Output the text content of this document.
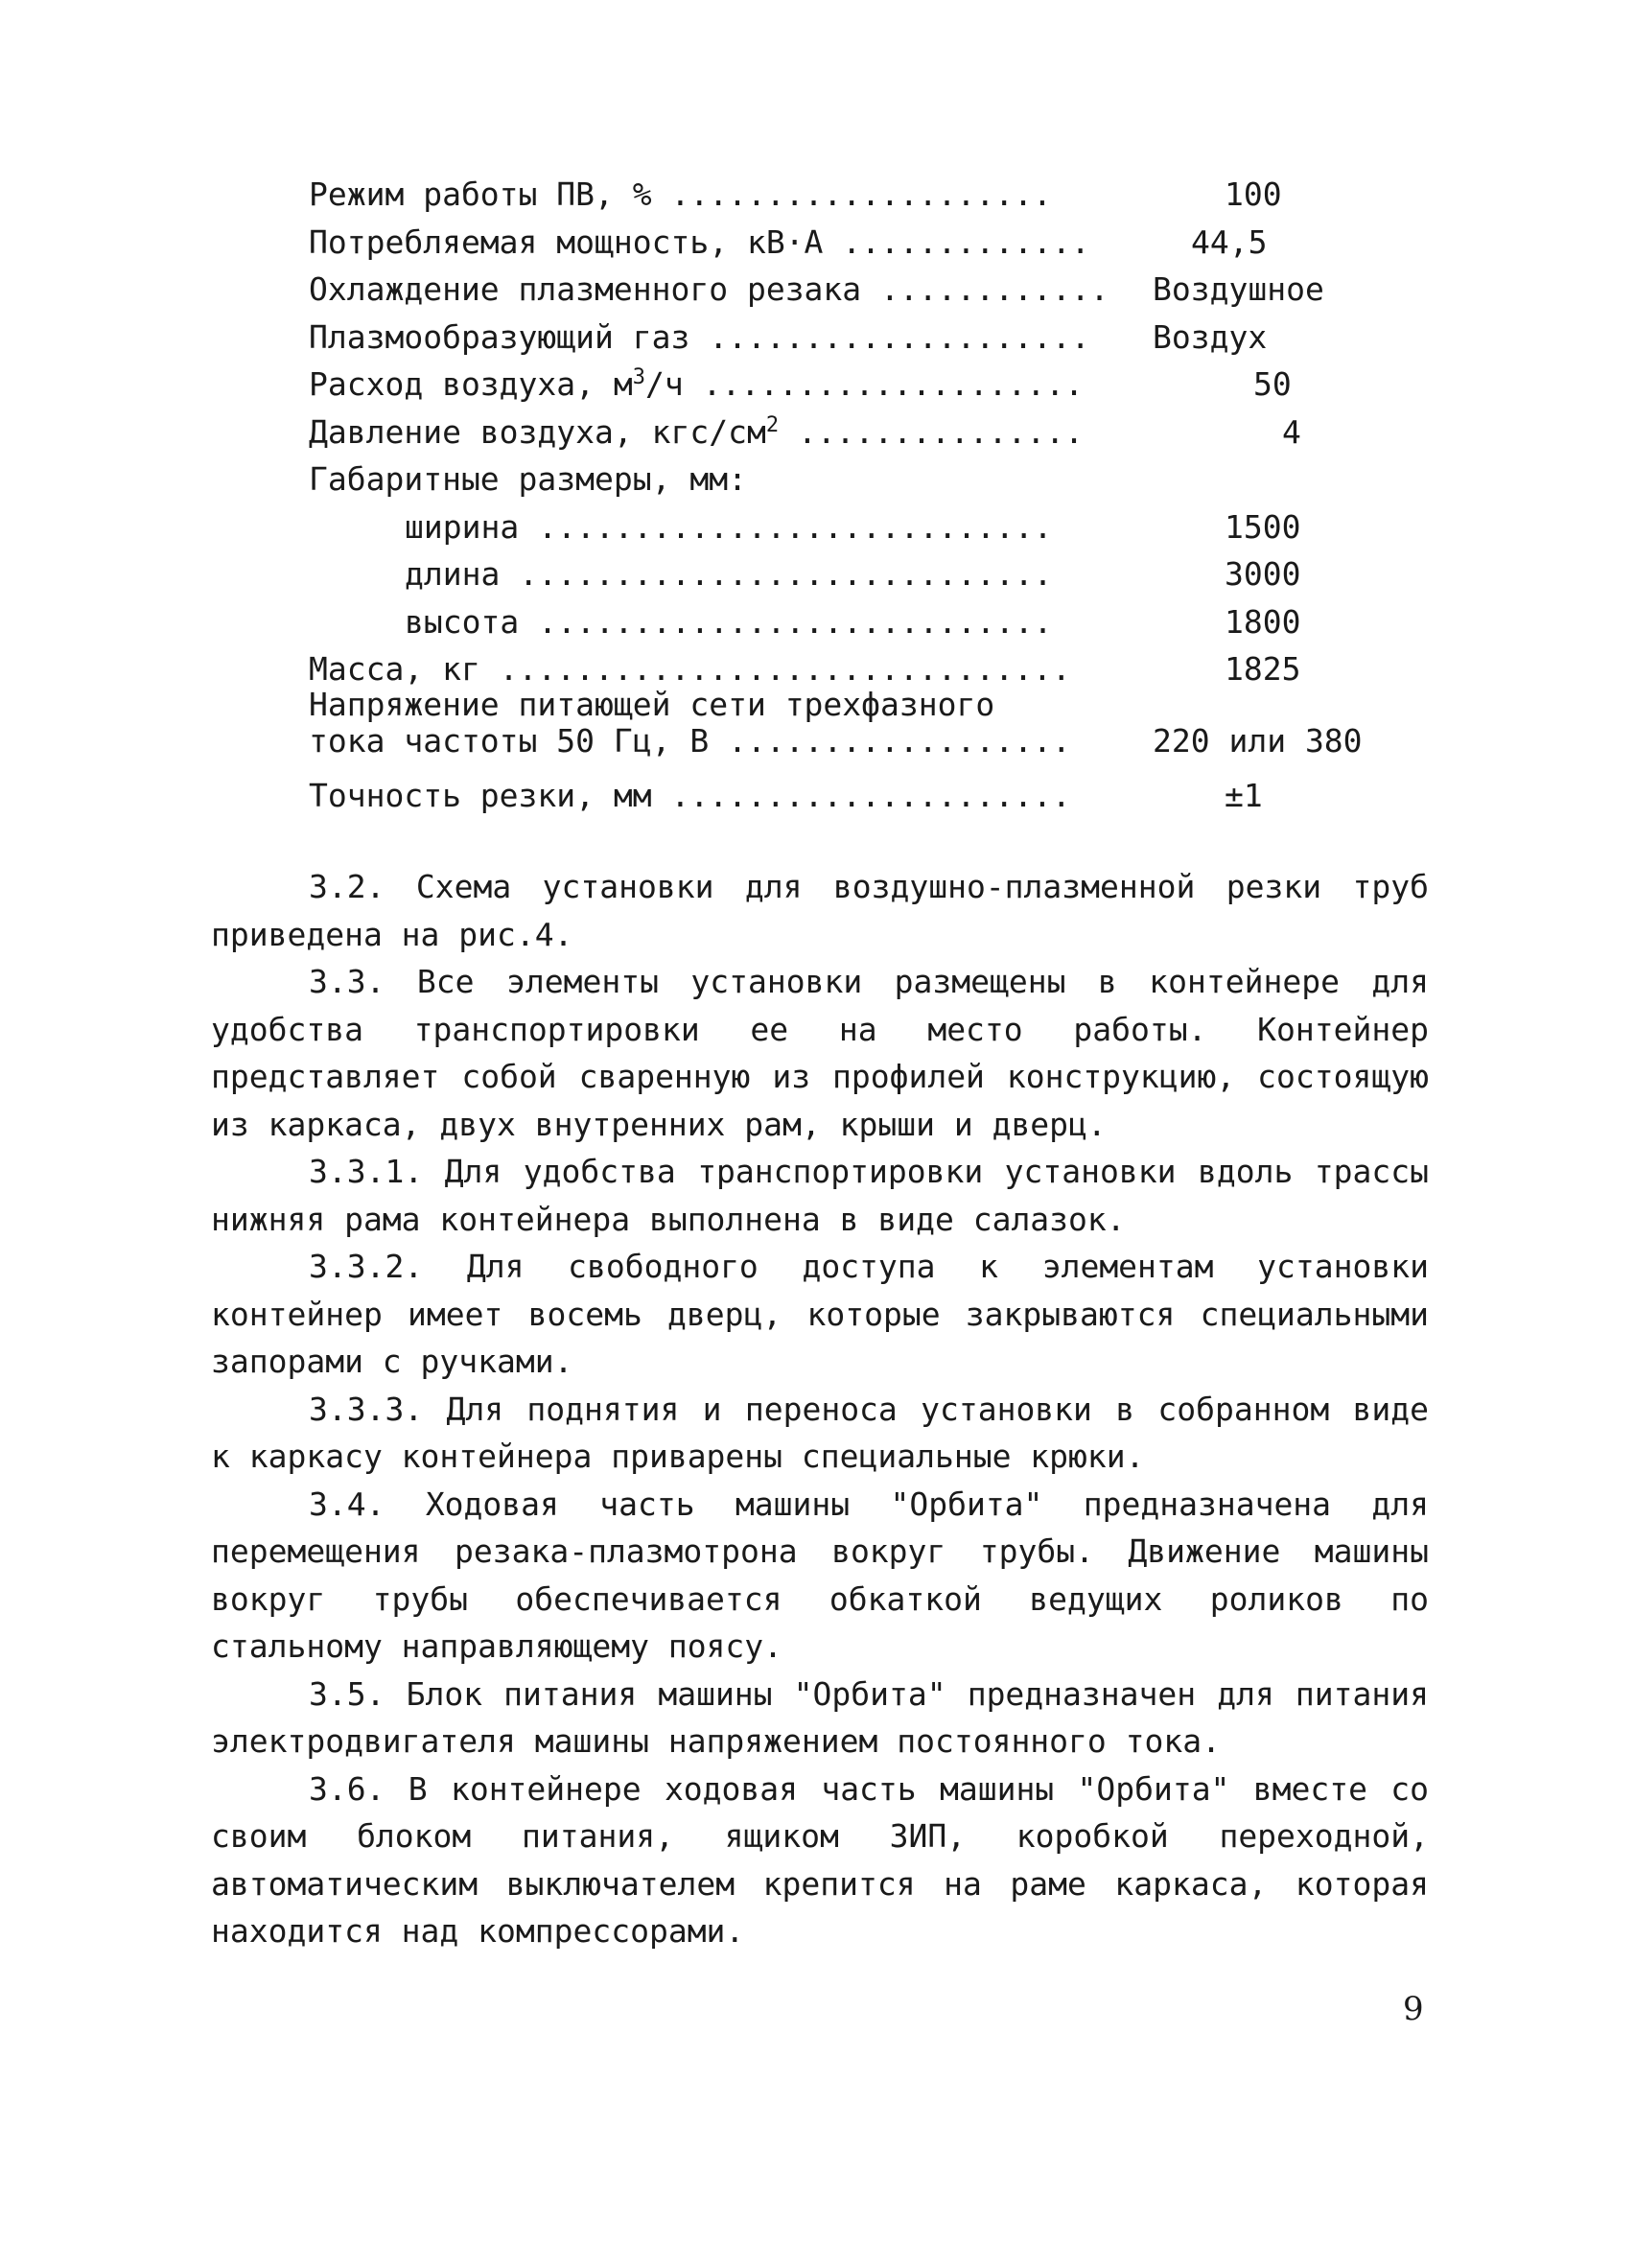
Режим работы ПВ, % ....................	100
Потребляемая мощность, кВ·А .............	44,5
Охлаждение плазменного резака ............ Воздушное
Плазмообразующий газ .................... Воздух
Расход воздуха, $м^3/ч$ ....................	50
Давление воздуха, кгс/$см^2$ ...............	4
Габаритные размеры, мм:
ширина ...........................	1500
длина ............................	3000
высота ...........................	1800
Масса, кг ..............................	1825
Напряжение питающей сети трехфазного
тока частоты 50 Гц, В ..................	220 или 380
Точность резки, мм .....................	±1

3.2. Схема установки для воздушно-плазменной резки труб приведена на рис.4.

3.3. Все элементы установки размещены в контейнере для удобства транспортировки ее на место работы. Контейнер представляет собой сваренную из профилей конструкцию, состоящую из каркаса, двух внутренних рам, крыши и дверц.

3.3.1. Для удобства транспортировки установки вдоль трассы нижняя рама контейнера выполнена в виде салазок.

3.3.2. Для свободного доступа к элементам установки контейнер имеет восемь дверц, которые закрываются специальными запорами с ручками.

3.3.3. Для поднятия и переноса установки в собранном виде к каркасу контейнера приварены специальные крюки.

3.4. Ходовая часть машины "Орбита" предназначена для перемещения резака-плазмотрона вокруг трубы. Движение машины вокруг трубы обеспечивается обкаткой ведущих роликов по стальному направляющему поясу.

3.5. Блок питания машины "Орбита" предназначен для питания электродвигателя машины напряжением постоянного тока.

3.6. В контейнере ходовая часть машины "Орбита" вместе со своим блоком питания, ящиком ЗИП, коробкой переходной, автоматическим выключателем крепится на раме каркаса, которая находится над компрессорами.

9
